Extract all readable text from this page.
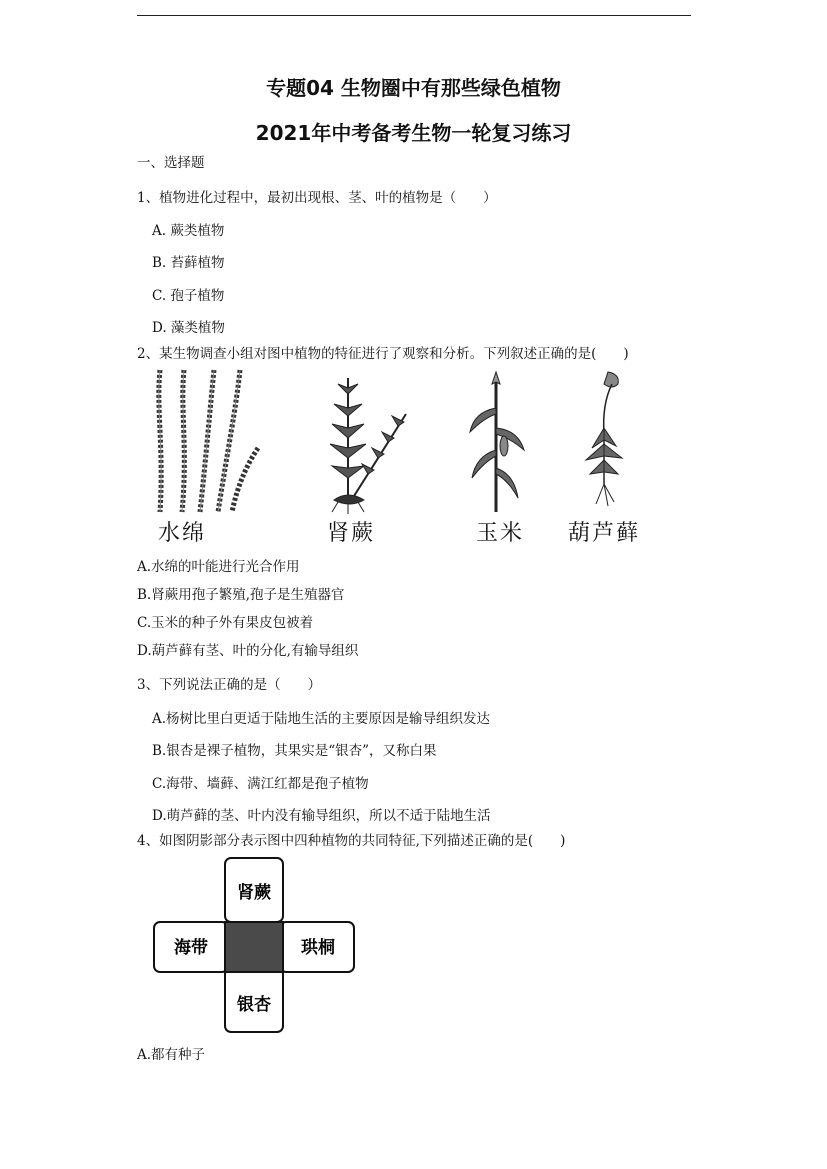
专题04 生物圈中有那些绿色植物
2021年中考备考生物一轮复习练习
一、选择题
1、植物进化过程中，最初出现根、茎、叶的植物是（　　）
A. 蕨类植物
B. 苔藓植物
C. 孢子植物
D. 藻类植物
2、某生物调查小组对图中植物的特征进行了观察和分析。下列叙述正确的是(　　)
水绵	肾蕨	玉米 葫芦藓
A.水绵的叶能进行光合作用
B.肾蕨用孢子繁殖,孢子是生殖器官
C.玉米的种子外有果皮包被着
D.葫芦藓有茎、叶的分化,有输导组织
3、下列说法正确的是（　　）
A.杨树比里白更适于陆地生活的主要原因是输导组织发达
B.银杏是裸子植物，其果实是“银杏”，又称白果
C.海带、墙藓、满江红都是孢子植物
D.萌芦藓的茎、叶内没有输导组织，所以不适于陆地生活
4、如图阴影部分表示图中四种植物的共同特征,下列描述正确的是(　　)
肾蕨
海带	珙桐
银杏
A.都有种子
